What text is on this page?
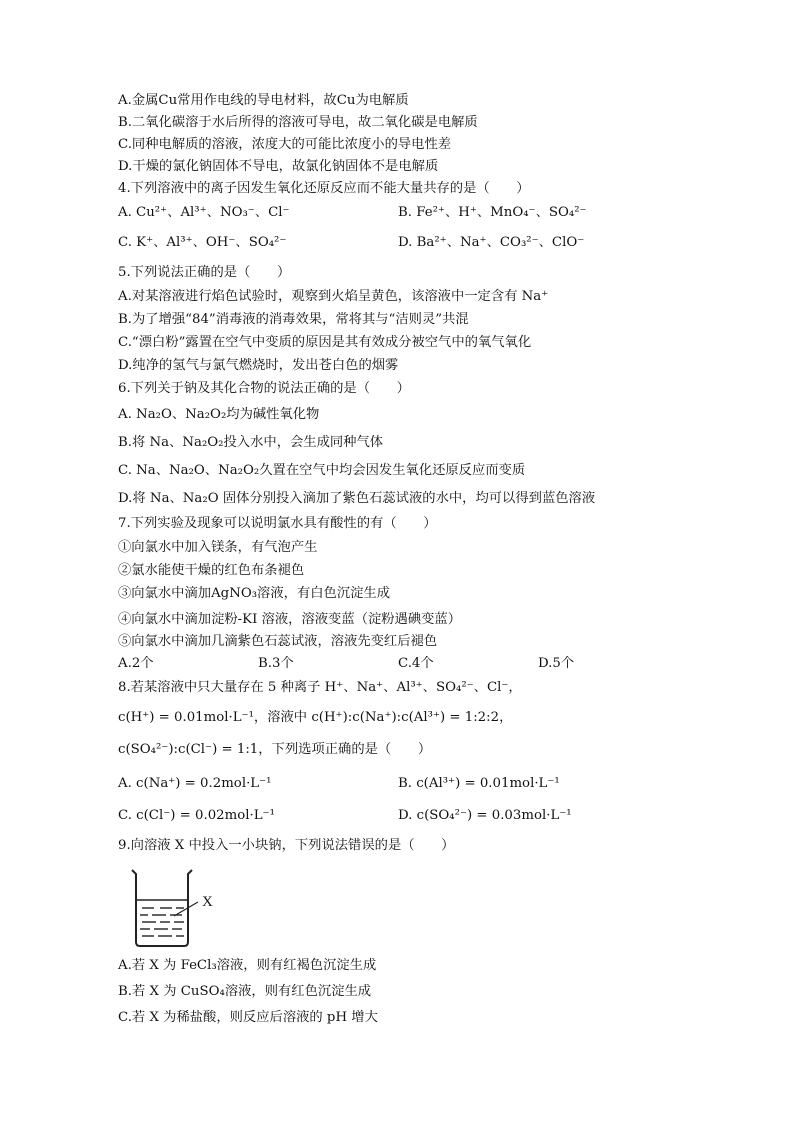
A.金属Cu常用作电线的导电材料，故Cu为电解质

B.二氧化碳溶于水后所得的溶液可导电，故二氧化碳是电解质

C.同种电解质的溶液，浓度大的可能比浓度小的导电性差

D.干燥的氯化钠固体不导电，故氯化钠固体不是电解质

4.下列溶液中的离子因发生氧化还原反应而不能大量共存的是（　　）

A. Cu²⁺、Al³⁺、NO₃⁻、Cl⁻	B. Fe²⁺、H⁺、MnO₄⁻、SO₄²⁻
C. K⁺、Al³⁺、OH⁻、SO₄²⁻	D. Ba²⁺、Na⁺、CO₃²⁻、ClO⁻

5.下列说法正确的是（　　）

A.对某溶液进行焰色试验时，观察到火焰呈黄色，该溶液中一定含有 Na⁺

B.为了增强“84”消毒液的消毒效果，常将其与“洁则灵”共混

C.“漂白粉”露置在空气中变质的原因是其有效成分被空气中的氧气氧化

D.纯净的氢气与氯气燃烧时，发出苍白色的烟雾

6.下列关于钠及其化合物的说法正确的是（　　）

A. Na₂O、Na₂O₂均为碱性氧化物

B.将 Na、Na₂O₂投入水中，会生成同种气体

C. Na、Na₂O、Na₂O₂久置在空气中均会因发生氧化还原反应而变质

D.将 Na、Na₂O 固体分别投入滴加了紫色石蕊试液的水中，均可以得到蓝色溶液

7.下列实验及现象可以说明氯水具有酸性的有（　　）

①向氯水中加入镁条，有气泡产生

②氯水能使干燥的红色布条褪色

③向氯水中滴加AgNO₃溶液，有白色沉淀生成

④向氯水中滴加淀粉-KI 溶液，溶液变蓝（淀粉遇碘变蓝）

⑤向氯水中滴加几滴紫色石蕊试液，溶液先变红后褪色

A.2个	B.3个	C.4个	D.5个

8.若某溶液中只大量存在 5 种离子 H⁺、Na⁺、Al³⁺、SO₄²⁻、Cl⁻，

c(H⁺) = 0.01mol·L⁻¹，溶液中 c(H⁺):c(Na⁺):c(Al³⁺) = 1:2:2，

c(SO₄²⁻):c(Cl⁻) = 1:1，下列选项正确的是（　　）

A. c(Na⁺) = 0.2mol·L⁻¹	B. c(Al³⁺) = 0.01mol·L⁻¹
C. c(Cl⁻) = 0.02mol·L⁻¹	D. c(SO₄²⁻) = 0.03mol·L⁻¹

9.向溶液 X 中投入一小块钠，下列说法错误的是（　　）

X

A.若 X 为 FeCl₃溶液，则有红褐色沉淀生成

B.若 X 为 CuSO₄溶液，则有红色沉淀生成

C.若 X 为稀盐酸，则反应后溶液的 pH 增大
